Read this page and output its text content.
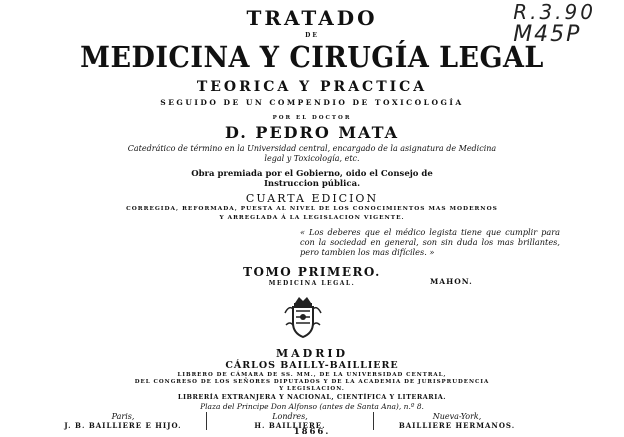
R.3.90
M45P
TRATADO
DE
MEDICINA Y CIRUGÍA LEGAL
TEORICA Y PRACTICA
SEGUIDO DE UN COMPENDIO DE TOXICOLOGÍA
POR EL DOCTOR
D. PEDRO MATA
Catedrático de término en la Universidad central, encargado de la asignatura de Medicina
legal y Toxicología, etc.
Obra premiada por el Gobierno, oido el Consejo de
Instruccion pública.
CUARTA EDICION
CORREGIDA, REFORMADA, PUESTA AL NIVEL DE LOS CONOCIMIENTOS MAS MODERNOS
Y ARREGLADA Á LA LEGISLACION VIGENTE.
« Los deberes que el médico legista tiene que cumplir para con la sociedad en general, son sin duda los mas brillantes, pero tambien los mas difíciles. »
MAHON.
TOMO PRIMERO.
MEDICINA LEGAL.
MADRID
CÁRLOS BAILLY-BAILLIERE
LIBRERO DE CÁMARA DE SS. MM., DE LA UNIVERSIDAD CENTRAL,
DEL CONGRESO DE LOS SEÑORES DIPUTADOS Y DE LA ACADEMIA DE JURISPRUDENCIA
Y LEGISLACION.
LIBRERÍA EXTRANJERA Y NACIONAL, CIENTÍFICA Y LITERARIA.
Plaza del Principe Don Alfonso (antes de Santa Ana), n.º 8.
Paris,
J. B. BAILLIERE E HIJO.
Londres,
H. BAILLIERE.
Nueva-York,
BAILLIERE HERMANOS.
1866.
